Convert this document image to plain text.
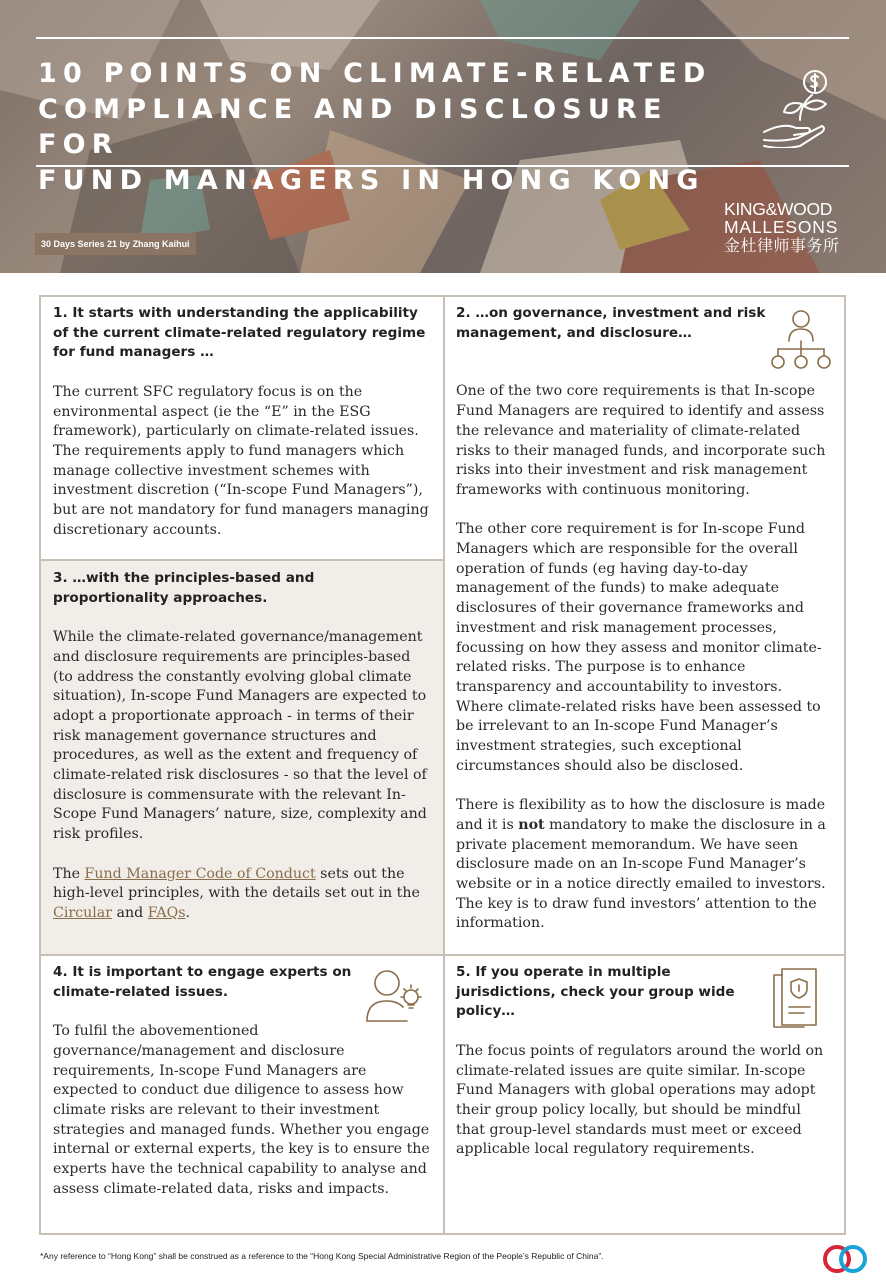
10 POINTS ON CLIMATE-RELATED
COMPLIANCE AND DISCLOSURE FOR
FUND MANAGERS IN HONG KONG
30 Days Series 21 by Zhang Kaihui
KING&WOOD
MALLESONS
金杜律师事务所
1. It starts with understanding the applicability of the current climate-related regulatory regime for fund managers …
The current SFC regulatory focus is on the environmental aspect (ie the “E” in the ESG framework), particularly on climate-related issues. The requirements apply to fund managers which manage collective investment schemes with investment discretion (“In-scope Fund Managers”), but are not mandatory for fund managers managing discretionary accounts.
3. …with the principles-based and proportionality approaches.
While the climate-related governance/management and disclosure requirements are principles-based (to address the constantly evolving global climate situation), In-scope Fund Managers are expected to adopt a proportionate approach - in terms of their risk management governance structures and procedures, as well as the extent and frequency of climate-related risk disclosures - so that the level of disclosure is commensurate with the relevant In-Scope Fund Managers’ nature, size, complexity and risk profiles.
The Fund Manager Code of Conduct sets out the high-level principles, with the details set out in the Circular and FAQs.
2. …on governance, investment and risk management, and disclosure…
One of the two core requirements is that In-scope Fund Managers are required to identify and assess the relevance and materiality of climate-related risks to their managed funds, and incorporate such risks into their investment and risk management frameworks with continuous monitoring.
The other core requirement is for In-scope Fund Managers which are responsible for the overall operation of funds (eg having day-to-day management of the funds) to make adequate disclosures of their governance frameworks and investment and risk management processes, focussing on how they assess and monitor climate-related risks. The purpose is to enhance transparency and accountability to investors. Where climate-related risks have been assessed to be irrelevant to an In-scope Fund Manager’s investment strategies, such exceptional circumstances should also be disclosed.
There is flexibility as to how the disclosure is made and it is not mandatory to make the disclosure in a private placement memorandum. We have seen disclosure made on an In-scope Fund Manager’s website or in a notice directly emailed to investors. The key is to draw fund investors’ attention to the information.
4. It is important to engage experts on climate-related issues.
To fulfil the abovementioned governance/management and disclosure requirements, In-scope Fund Managers are expected to conduct due diligence to assess how climate risks are relevant to their investment strategies and managed funds. Whether you engage internal or external experts, the key is to ensure the experts have the technical capability to analyse and assess climate-related data, risks and impacts.
5. If you operate in multiple jurisdictions, check your group wide policy…
The focus points of regulators around the world on climate-related issues are quite similar. In-scope Fund Managers with global operations may adopt their group policy locally, but should be mindful that group-level standards must meet or exceed applicable local regulatory requirements.
*Any reference to “Hong Kong” shall be construed as a reference to the “Hong Kong Special Administrative Region of the People’s Republic of China”.
